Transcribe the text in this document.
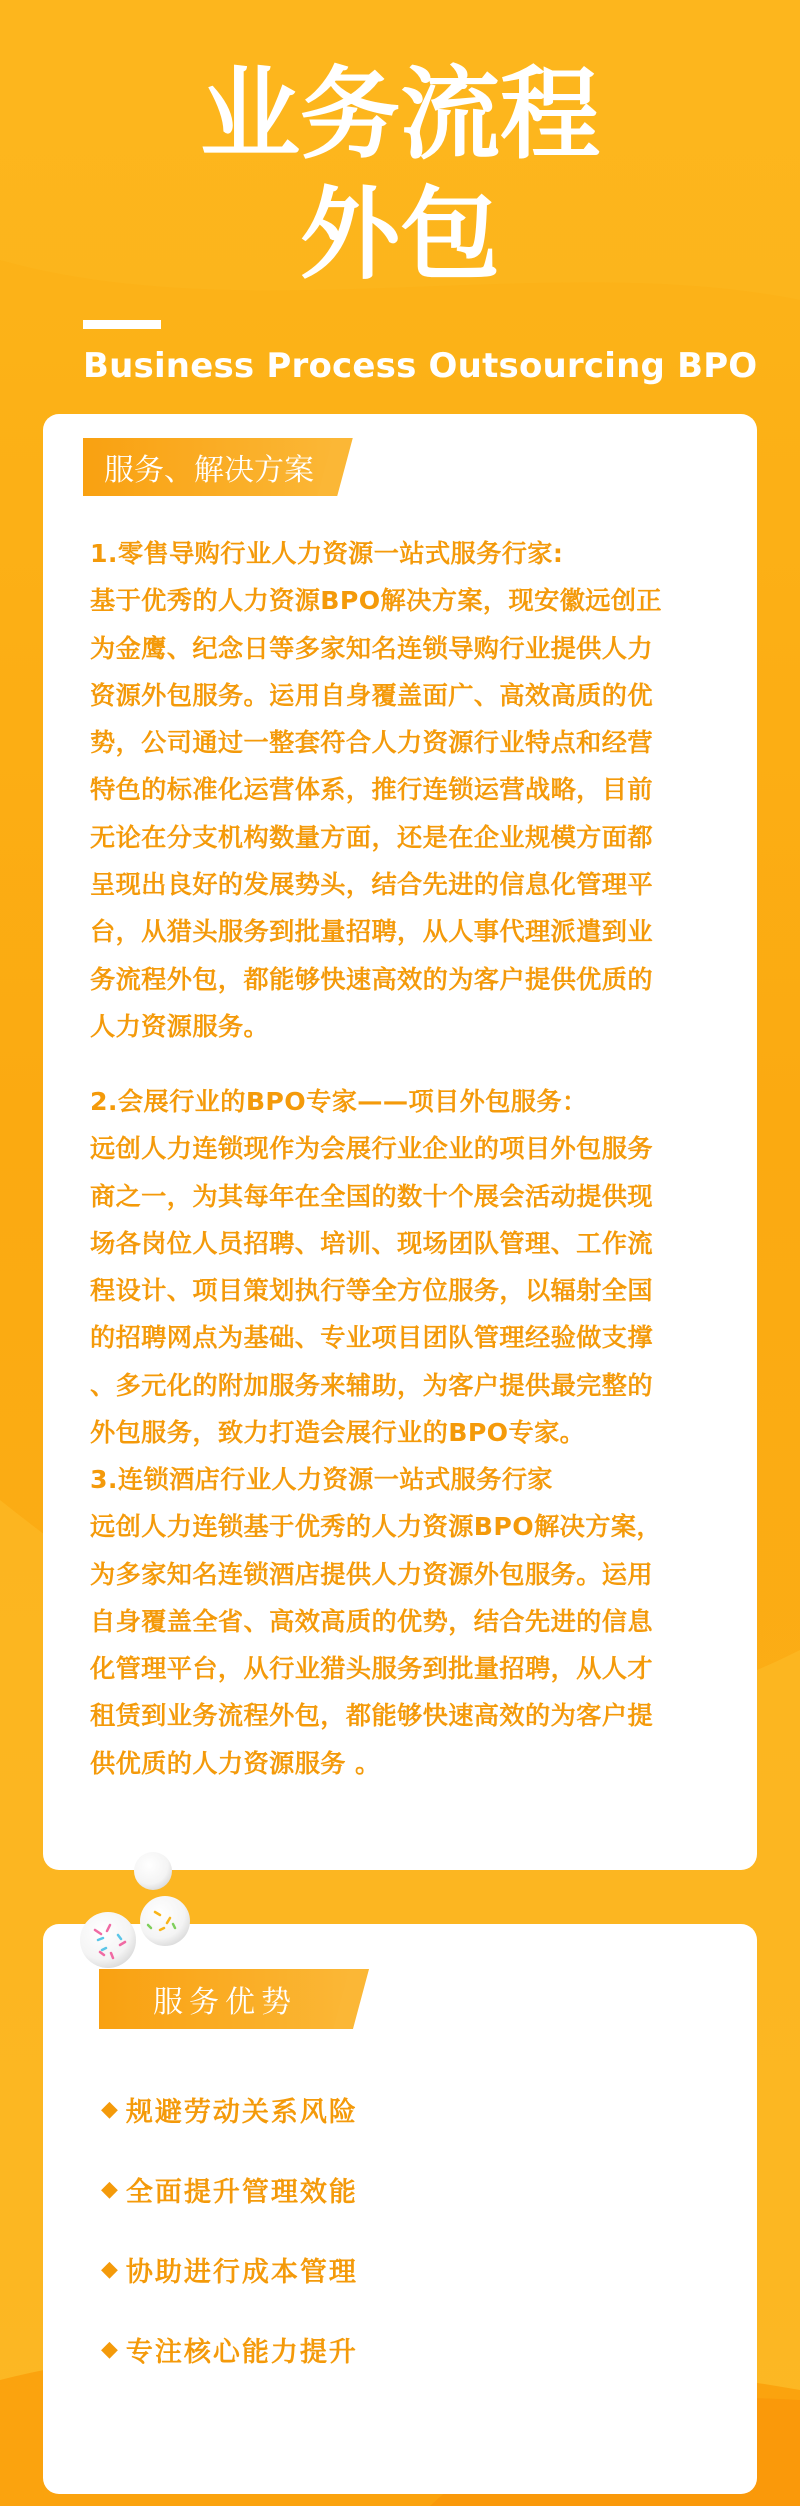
业务流程
外包
Business Process Outsourcing BPO
服务、解决方案

1.零售导购行业人力资源一站式服务行家:

基于优秀的人力资源BPO解决方案，现安徽远创正

为金鹰、纪念日等多家知名连锁导购行业提供人力

资源外包服务。运用自身覆盖面广、高效高质的优

势，公司通过一整套符合人力资源行业特点和经营

特色的标准化运营体系，推行连锁运营战略，目前

无论在分支机构数量方面，还是在企业规模方面都

呈现出良好的发展势头，结合先进的信息化管理平

台，从猎头服务到批量招聘，从人事代理派遣到业

务流程外包，都能够快速高效的为客户提供优质的

人力资源服务。

2.会展行业的BPO专家——项目外包服务：

远创人力连锁现作为会展行业企业的项目外包服务

商之一，为其每年在全国的数十个展会活动提供现

场各岗位人员招聘、培训、现场团队管理、工作流

程设计、项目策划执行等全方位服务，以辐射全国

的招聘网点为基础、专业项目团队管理经验做支撑

、多元化的附加服务来辅助，为客户提供最完整的

外包服务，致力打造会展行业的BPO专家。

3.连锁酒店行业人力资源一站式服务行家

远创人力连锁基于优秀的人力资源BPO解决方案，

为多家知名连锁酒店提供人力资源外包服务。运用

自身覆盖全省、高效高质的优势，结合先进的信息

化管理平台，从行业猎头服务到批量招聘，从人才

租赁到业务流程外包，都能够快速高效的为客户提

供优质的人力资源服务 。

服务优势
◆ 规避劳动关系风险
◆ 全面提升管理效能
◆ 协助进行成本管理
◆ 专注核心能力提升
